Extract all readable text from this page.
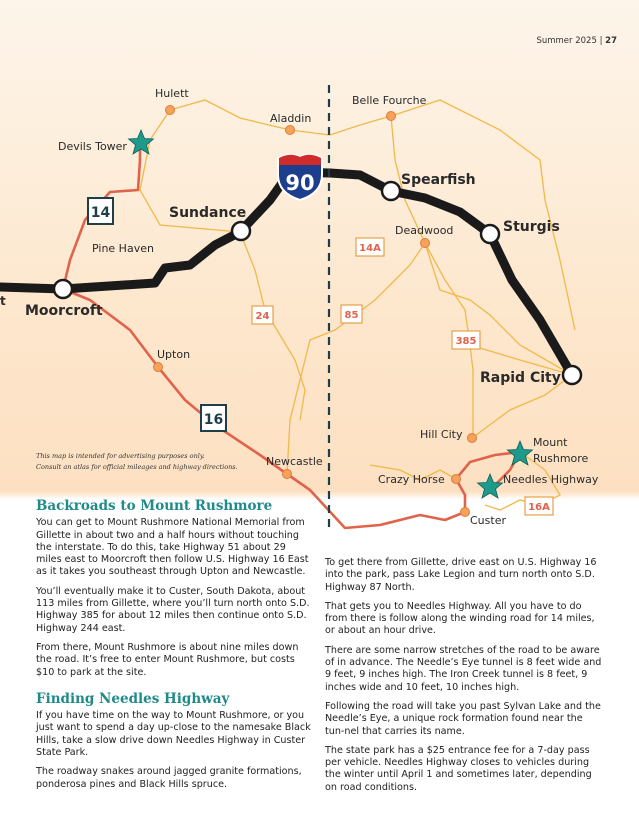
Summer 2025 | 27
90
14
16
14A
24	85
385
16A
Hulett
Aladdin
Belle Fourche
Devils Tower
Deadwood
Pine Haven
Upton
Hill City
Mount
Rushmore
Crazy Horse	Needles Highway
Newcastle
Custer
Spearfish
Sundance
Sturgis
Moorcroft
t
Rapid City
This map is intended for advertising purposes only.
Consult an atlas for official mileages and highway directions.
Backroads to Mount Rushmore

You can get to Mount Rushmore National Memorial from Gillette in about two and a half hours without touching the interstate. To do this, take Highway 51 about 29 miles east to Moorcroft then follow U.S. Highway 16 East as it takes you southeast through Upton and Newcastle.

You’ll eventually make it to Custer, South Dakota, about 113 miles from Gillette, where you’ll turn north onto S.D. Highway 385 for about 12 miles then continue onto S.D. Highway 244 east.

From there, Mount Rushmore is about nine miles down the road. It’s free to enter Mount Rushmore, but costs $10 to park at the site.

Finding Needles Highway

If you have time on the way to Mount Rushmore, or you just want to spend a day up-close to the namesake Black Hills, take a slow drive down Needles Highway in Custer State Park.

The roadway snakes around jagged granite formations, ponderosa pines and Black Hills spruce.

To get there from Gillette, drive east on U.S. Highway 16 into the park, pass Lake Legion and turn north onto S.D. Highway 87 North.

That gets you to Needles Highway. All you have to do from there is follow along the winding road for 14 miles, or about an hour drive.

There are some narrow stretches of the road to be aware of in advance. The Needle’s Eye tunnel is 8 feet wide and 9 feet, 9 inches high. The Iron Creek tunnel is 8 feet, 9 inches wide and 10 feet, 10 inches high.

Following the road will take you past Sylvan Lake and the Needle’s Eye, a unique rock formation found near the tun-nel that carries its name.

The state park has a $25 entrance fee for a 7-day pass per vehicle. Needles Highway closes to vehicles during the winter until April 1 and sometimes later, depending on road conditions.
